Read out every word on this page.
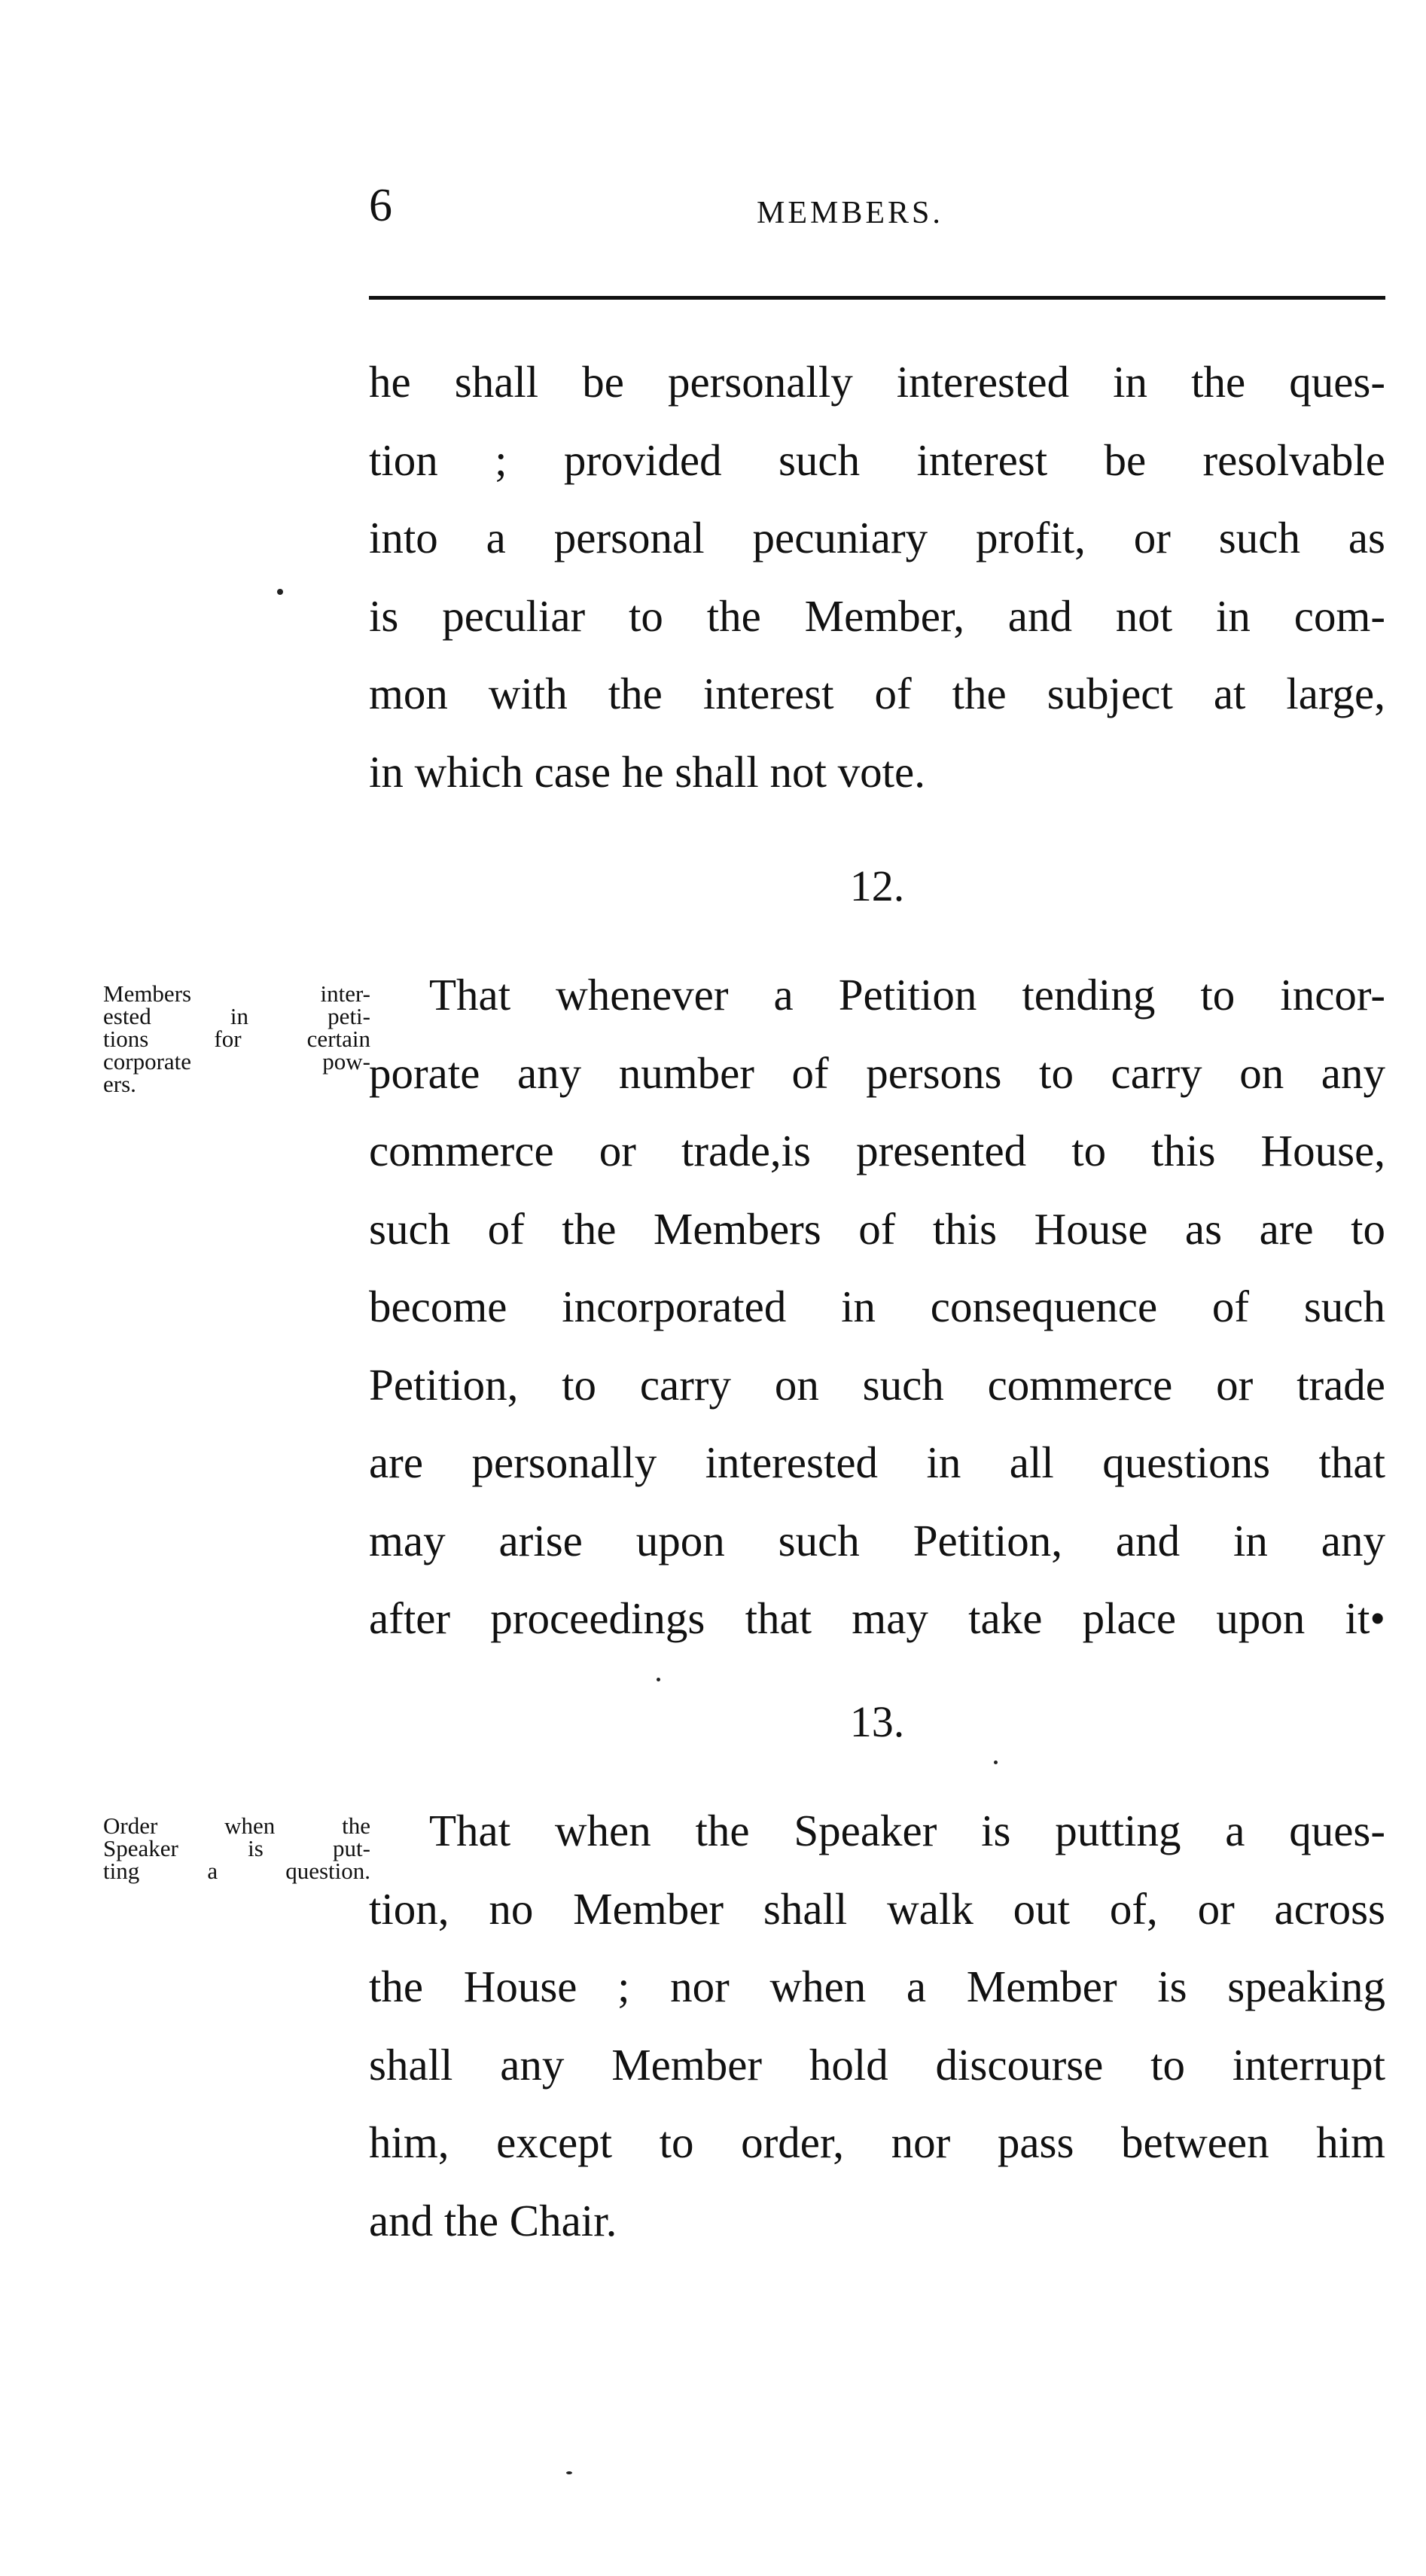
6	MEMBERS.
he shall be personally interested in the ques-
tion ; provided such interest be resolvable
into a personal pecuniary profit, or such as
is peculiar to the Member, and not in com-
mon with the interest of the subject at large,
in which case he shall not vote.
12.
Members inter-
ested in peti-
tions for certain
corporate pow-
ers.
That whenever a Petition tending to incor-
porate any number of persons to carry on any
commerce or trade,is presented to this House,
such of the Members of this House as are to
become incorporated in consequence of such
Petition, to carry on such commerce or trade
are personally interested in all questions that
may arise upon such Petition, and in any
after proceedings that may take place upon it•
13.
Order when the
Speaker is put-
ting a question.
That when the Speaker is putting a ques-
tion, no Member shall walk out of, or across
the House ; nor when a Member is speaking
shall any Member hold discourse to interrupt
him, except to order, nor pass between him
and the Chair.
